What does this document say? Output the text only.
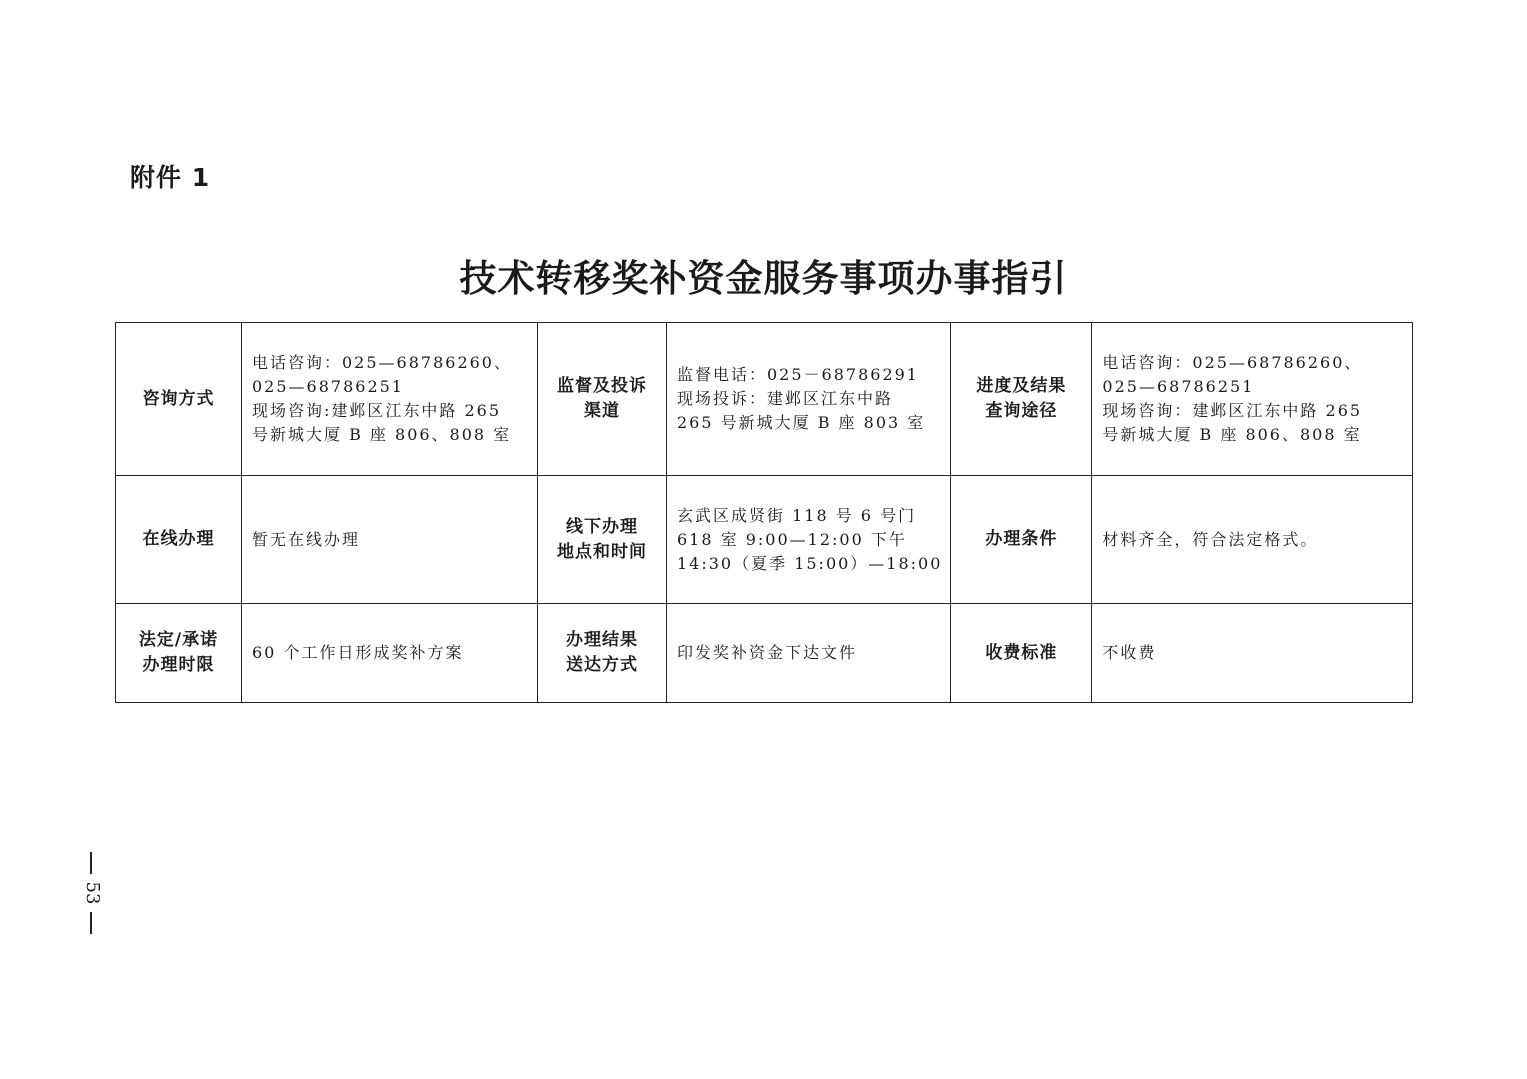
附件 1
技术转移奖补资金服务事项办事指引
咨询方式	电话咨询：025—68786260、
025—68786251
现场咨询:建邺区江东中路 265
号新城大厦 B 座 806、808 室	监督及投诉
渠道	监督电话：025－68786291
现场投诉：建邺区江东中路
265 号新城大厦 B 座 803 室	进度及结果
查询途径	电话咨询：025—68786260、
025—68786251
现场咨询：建邺区江东中路 265
号新城大厦 B 座 806、808 室

在线办理	暂无在线办理	线下办理
地点和时间	玄武区成贤街 118 号 6 号门
618 室 9:00—12:00 下午
14:30（夏季 15:00）—18:00	办理条件	材料齐全，符合法定格式。

法定/承诺
办理时限	60 个工作日形成奖补方案	办理结果
送达方式	印发奖补资金下达文件	收费标准	不收费
53
